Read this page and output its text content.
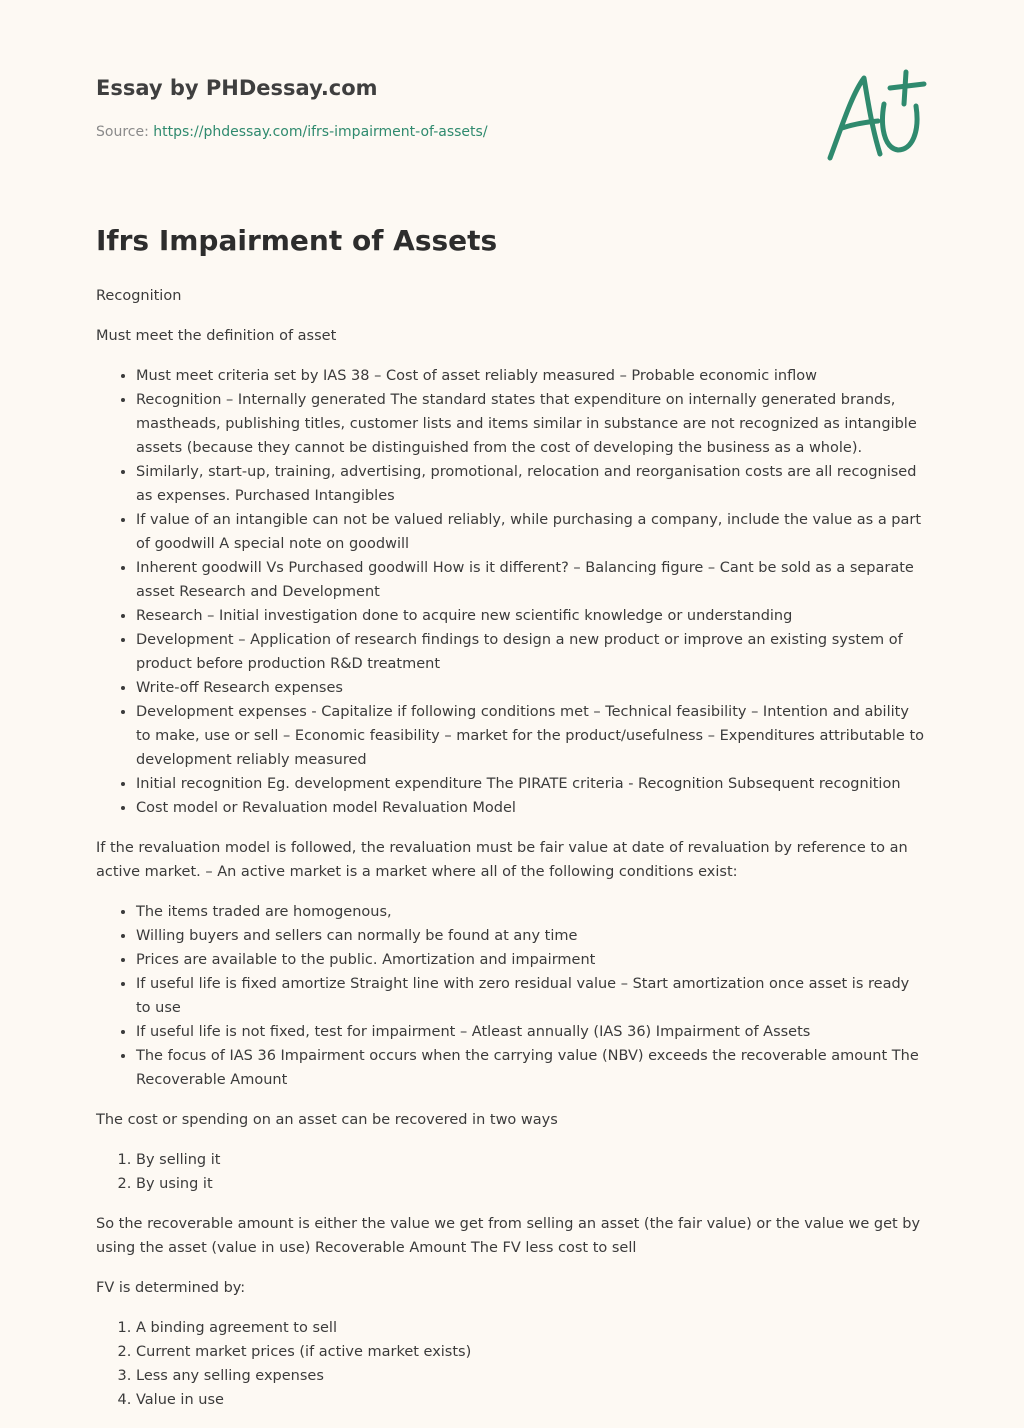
Essay by PHDessay.com
Source: https://phdessay.com/ifrs-impairment-of-assets/
Ifrs Impairment of Assets

Recognition

Must meet the definition of asset

• Must meet criteria set by IAS 38 – Cost of asset reliably measured – Probable economic inflow
• Recognition – Internally generated The standard states that expenditure on internally generated brands, mastheads, publishing titles, customer lists and items similar in substance are not recognized as intangible assets (because they cannot be distinguished from the cost of developing the business as a whole).
• Similarly, start-up, training, advertising, promotional, relocation and reorganisation costs are all recognised as expenses. Purchased Intangibles
• If value of an intangible can not be valued reliably, while purchasing a company, include the value as a part of goodwill A special note on goodwill
• Inherent goodwill Vs Purchased goodwill How is it different? – Balancing figure – Cant be sold as a separate asset Research and Development
• Research – Initial investigation done to acquire new scientific knowledge or understanding
• Development – Application of research findings to design a new product or improve an existing system of product before production R&D treatment
• Write-off Research expenses
• Development expenses - Capitalize if following conditions met – Technical feasibility – Intention and ability to make, use or sell – Economic feasibility – market for the product/usefulness – Expenditures attributable to development reliably measured
• Initial recognition Eg. development expenditure The PIRATE criteria - Recognition Subsequent recognition
• Cost model or Revaluation model Revaluation Model

If the revaluation model is followed, the revaluation must be fair value at date of revaluation by reference to an active market. – An active market is a market where all of the following conditions exist:

• The items traded are homogenous,
• Willing buyers and sellers can normally be found at any time
• Prices are available to the public. Amortization and impairment
• If useful life is fixed amortize Straight line with zero residual value – Start amortization once asset is ready to use
• If useful life is not fixed, test for impairment – Atleast annually (IAS 36) Impairment of Assets
• The focus of IAS 36 Impairment occurs when the carrying value (NBV) exceeds the recoverable amount The Recoverable Amount

The cost or spending on an asset can be recovered in two ways

1. By selling it
2. By using it

So the recoverable amount is either the value we get from selling an asset (the fair value) or the value we get by using the asset (value in use) Recoverable Amount The FV less cost to sell

FV is determined by:

1. A binding agreement to sell
2. Current market prices (if active market exists)
3. Less any selling expenses
4. Value in use
